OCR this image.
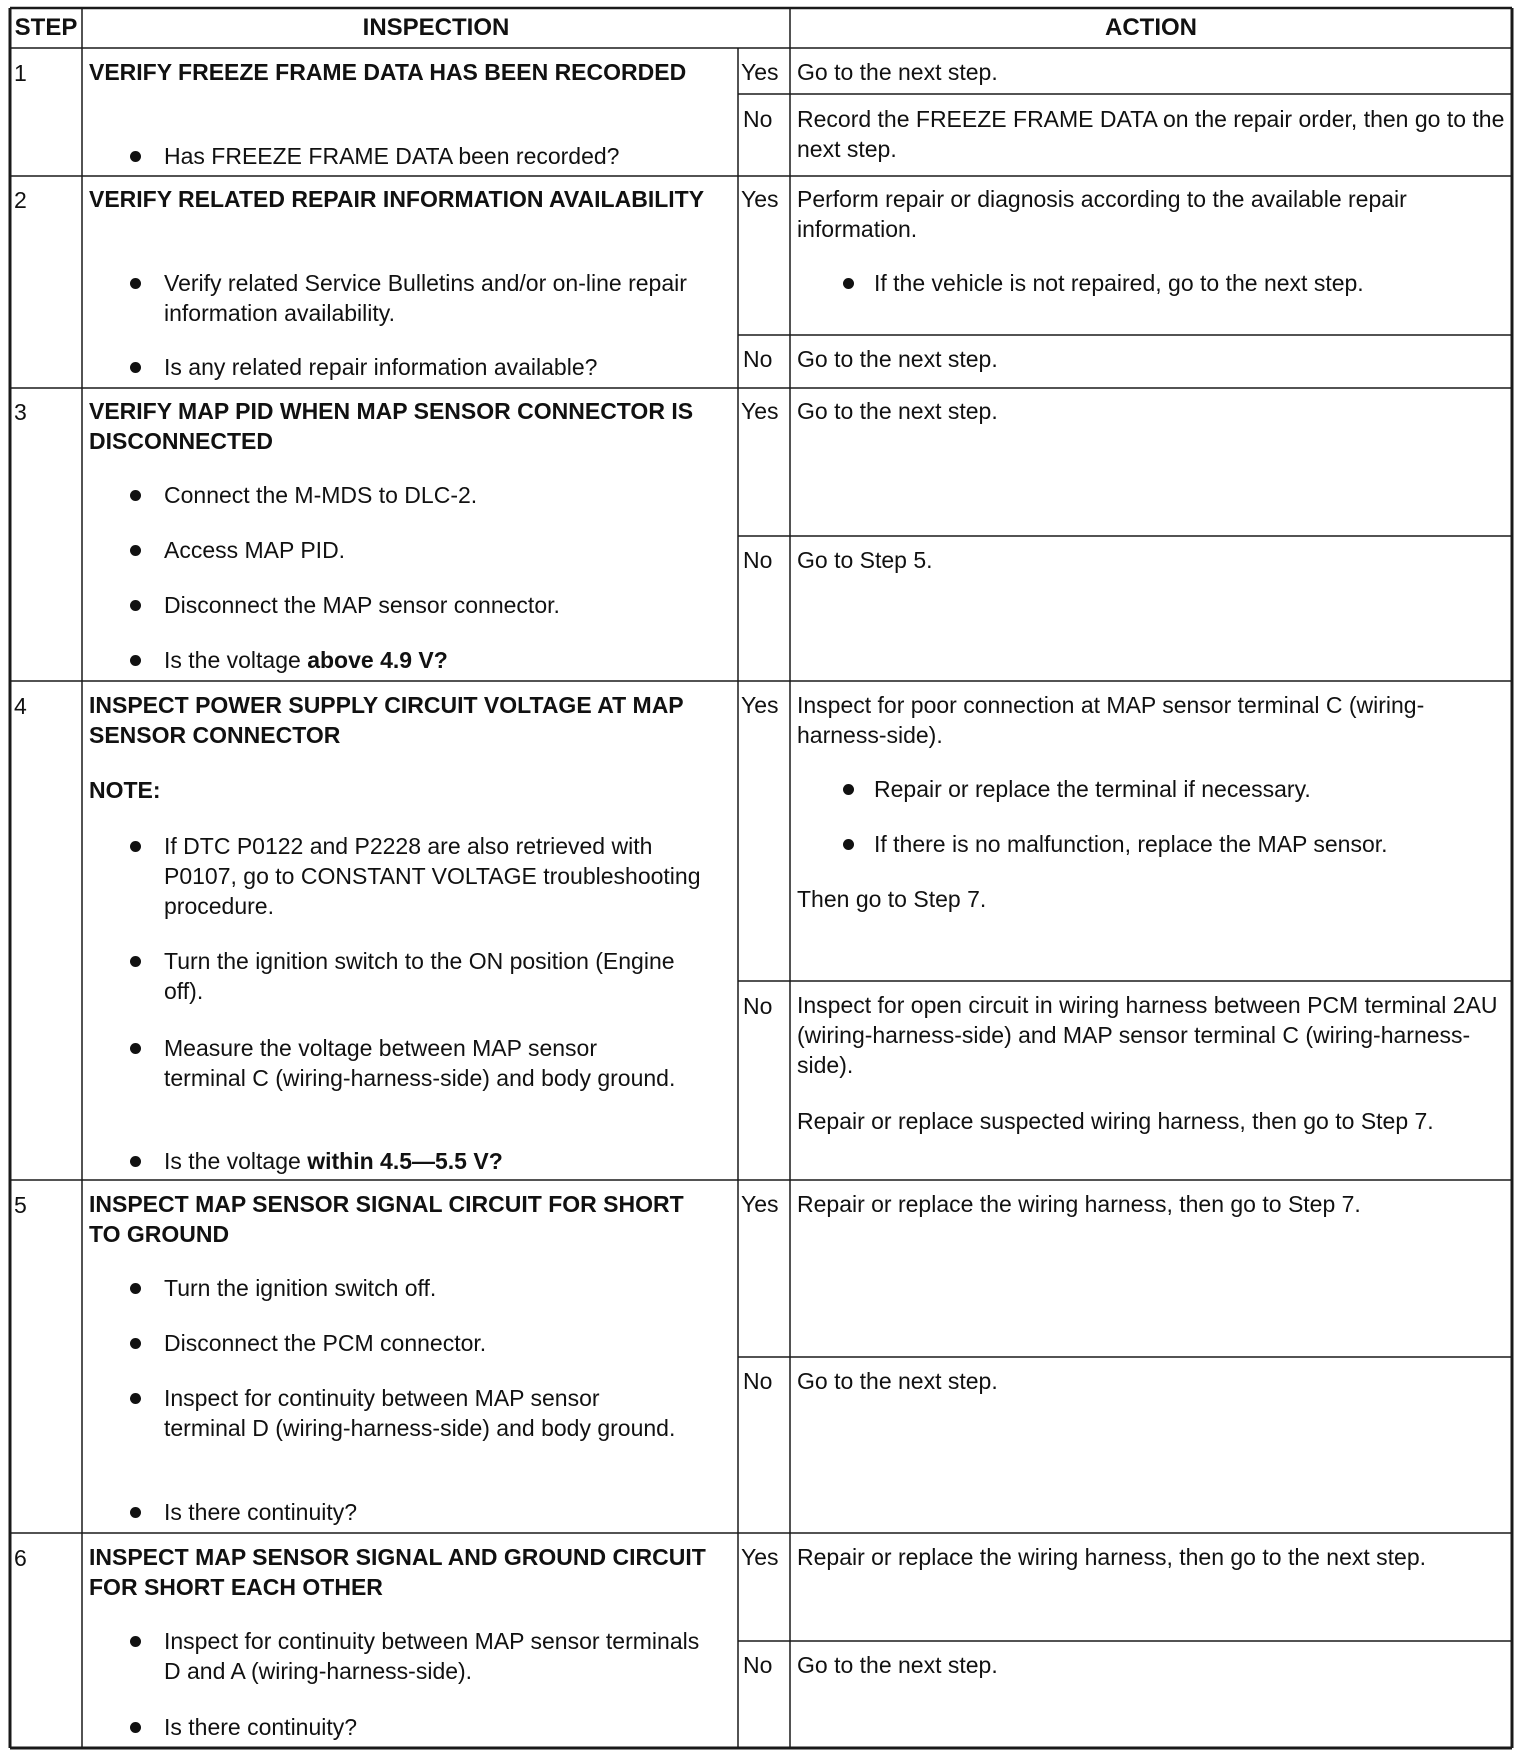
STEP	INSPECTION	ACTION
1	VERIFY FREEZE FRAME DATA HAS BEEN RECORDED
Has FREEZE FRAME DATA been recorded?
Yes Go to the next step.
No Record the FREEZE FRAME DATA on the repair order, then go to the next step.
2	VERIFY RELATED REPAIR INFORMATION AVAILABILITY
Verify related Service Bulletins and/or on-line repair information availability.
Is any related repair information available?
Yes Perform repair or diagnosis according to the available repair information.
If the vehicle is not repaired, go to the next step.
No Go to the next step.
3	VERIFY MAP PID WHEN MAP SENSOR CONNECTOR IS DISCONNECTED
Connect the M-MDS to DLC-2.
Access MAP PID.
Disconnect the MAP sensor connector.
Is the voltage above 4.9 V?
Yes Go to the next step.
No Go to Step 5.
4	INSPECT POWER SUPPLY CIRCUIT VOLTAGE AT MAP SENSOR CONNECTOR
NOTE:
If DTC P0122 and P2228 are also retrieved with P0107, go to CONSTANT VOLTAGE troubleshooting procedure.
Turn the ignition switch to the ON position (Engine off).
Measure the voltage between MAP sensor terminal C (wiring-harness-side) and body ground.
Is the voltage within 4.5—5.5 V?
Yes Inspect for poor connection at MAP sensor terminal C (wiring-harness-side).
Repair or replace the terminal if necessary.
If there is no malfunction, replace the MAP sensor.
Then go to Step 7.
No Inspect for open circuit in wiring harness between PCM terminal 2AU (wiring-harness-side) and MAP sensor terminal C (wiring-harness-side).
Repair or replace suspected wiring harness, then go to Step 7.
5	INSPECT MAP SENSOR SIGNAL CIRCUIT FOR SHORT TO GROUND
Turn the ignition switch off.
Disconnect the PCM connector.
Inspect for continuity between MAP sensor terminal D (wiring-harness-side) and body ground.
Is there continuity?
Yes Repair or replace the wiring harness, then go to Step 7.
No Go to the next step.
6	INSPECT MAP SENSOR SIGNAL AND GROUND CIRCUIT FOR SHORT EACH OTHER
Inspect for continuity between MAP sensor terminals D and A (wiring-harness-side).
Is there continuity?
Yes Repair or replace the wiring harness, then go to the next step.
No Go to the next step.
